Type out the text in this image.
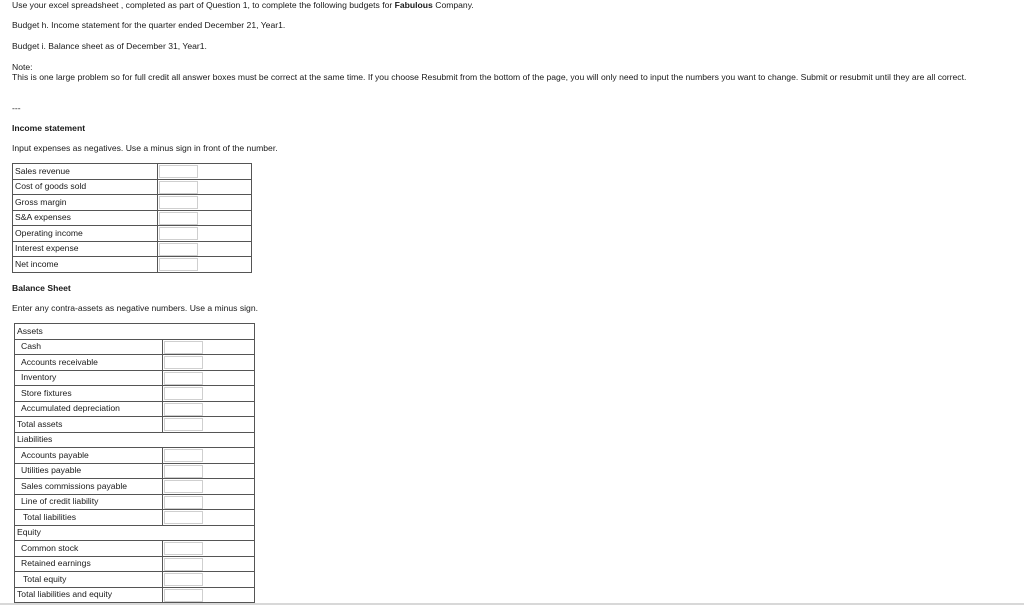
Use your excel spreadsheet , completed as part of Question 1, to complete the following budgets for Fabulous Company.
Budget h. Income statement for the quarter ended December 21, Year1.
Budget i. Balance sheet as of December 31, Year1.
Note:
This is one large problem so for full credit all answer boxes must be correct at the same time. If you choose Resubmit from the bottom of the page, you will only need to input the numbers you want to change. Submit or resubmit until they are all correct.
---
Income statement
Input expenses as negatives. Use a minus sign in front of the number.
Sales revenue	
Cost of goods sold	
Gross margin	
S&A expenses	
Operating income	
Interest expense	
Net income	
Balance Sheet
Enter any contra-assets as negative numbers. Use a minus sign.
Assets	
Cash	
Accounts receivable	
Inventory	
Store fixtures	
Accumulated depreciation	
Total assets	
Liabilities	
Accounts payable	
Utilities payable	
Sales commissions payable	
Line of credit liability	
Total liabilities	
Equity	
Common stock	
Retained earnings	
Total equity	
Total liabilities and equity	
